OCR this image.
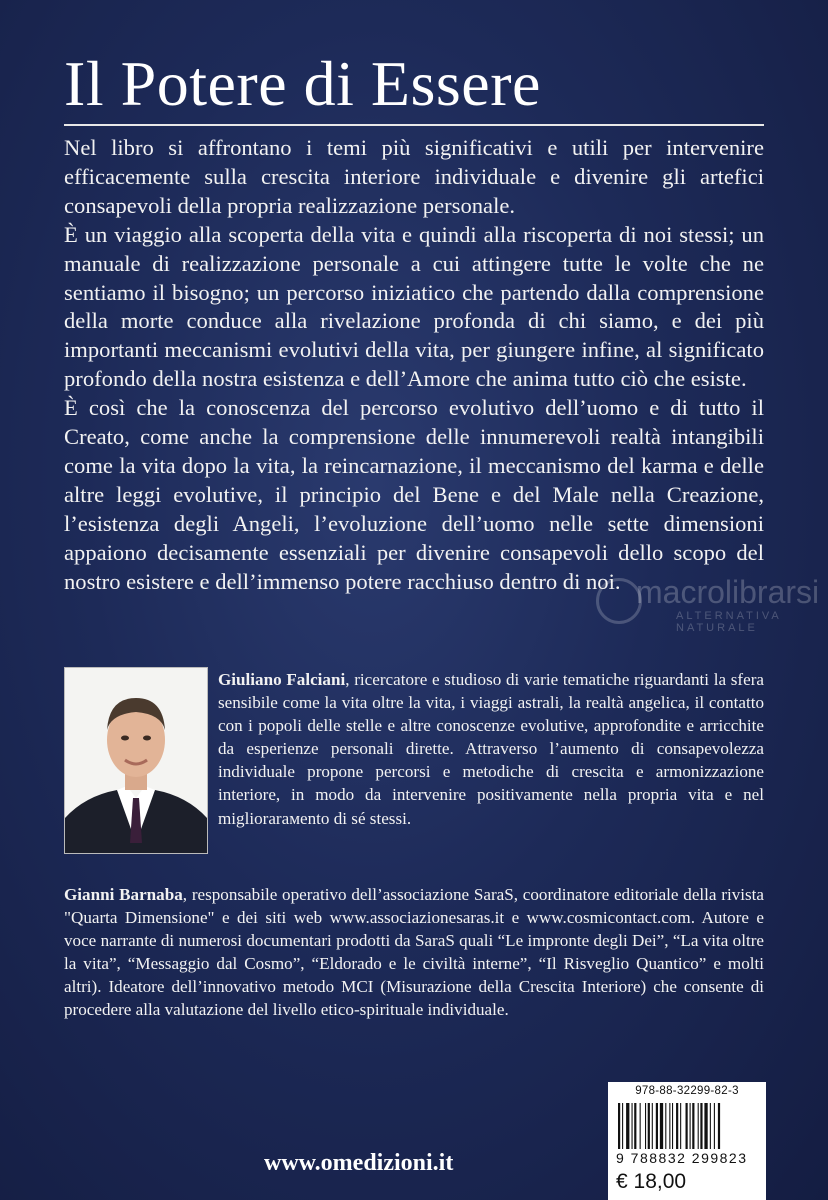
Il Potere di Essere

Nel libro si affrontano i temi più significativi e utili per intervenire efficacemente sulla crescita interiore individuale e divenire gli artefici consapevoli della propria realizzazione personale.

È un viaggio alla scoperta della vita e quindi alla riscoperta di noi stessi; un manuale di realizzazione personale a cui attingere tutte le volte che ne sentiamo il bisogno; un percorso iniziatico che partendo dalla comprensione della morte conduce alla rivelazione profonda di chi siamo, e dei più importanti meccanismi evolutivi della vita, per giungere infine, al significato profondo della nostra esistenza e dell’Amore che anima tutto ciò che esiste.

È così che la conoscenza del percorso evolutivo dell’uomo e di tutto il Creato, come anche la comprensione delle innumerevoli realtà intangibili come la vita dopo la vita, la reincarnazione, il meccanismo del karma e delle altre leggi evolutive, il principio del Bene e del Male nella Creazione, l’esistenza degli Angeli, l’evoluzione dell’uomo nelle sette dimensioni appaiono decisamente essenziali per divenire consapevoli dello scopo del nostro esistere e dell’immenso potere racchiuso dentro di noi. macrolibrarsi
ALTERNATIVA NATURALE

Giuliano Falciani, ricercatore e studioso di varie tematiche riguardanti la sfera sensibile come la vita oltre la vita, i viaggi astrali, la realtà angelica, il contatto con i popoli delle stelle e altre conoscenze evolutive, approfondite e arricchite da esperienze personali dirette. Attraverso l’aumento di consapevolezza individuale propone percorsi e metodiche di crescita e armonizzazione interiore, in modo da intervenire positivamente nella propria vita e nel migliorarамento di sé stessi.

Gianni Barnaba, responsabile operativo dell’associazione SaraS, coordinatore editoriale della rivista "Quarta Dimensione" e dei siti web www.associazionesaras.it e www.cosmicontact.com. Autore e voce narrante di numerosi documentari prodotti da SaraS quali “Le impronte degli Dei”, “La vita oltre la vita”, “Messaggio dal Cosmo”, “Eldorado e le civiltà interne”, “Il Risveglio Quantico” e molti altri). Ideatore dell’innovativo metodo MCI (Misurazione della Crescita Interiore) che consente di procedere alla valutazione del livello etico-spirituale individuale.

www.omedizioni.it
978-88-32299-82-3
9 788832 299823
€ 18,00
